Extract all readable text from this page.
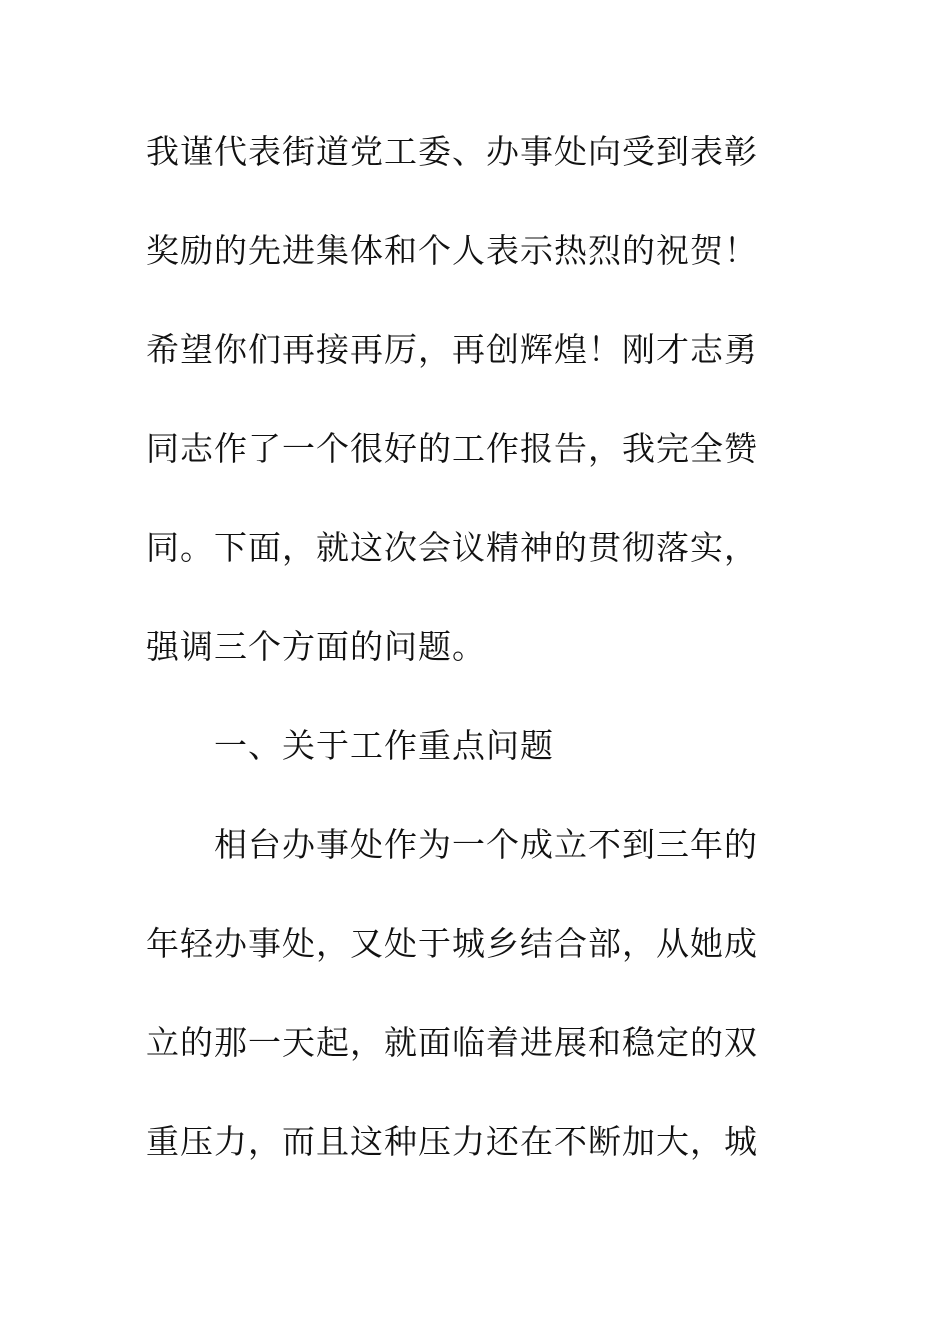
我谨代表街道党工委、办事处向受到表彰
奖励的先进集体和个人表示热烈的祝贺！
希望你们再接再厉，再创辉煌！刚才志勇
同志作了一个很好的工作报告，我完全赞
同。下面，就这次会议精神的贯彻落实，
强调三个方面的问题。
一、关于工作重点问题
相台办事处作为一个成立不到三年的
年轻办事处，又处于城乡结合部，从她成
立的那一天起，就面临着进展和稳定的双
重压力，而且这种压力还在不断加大，城
